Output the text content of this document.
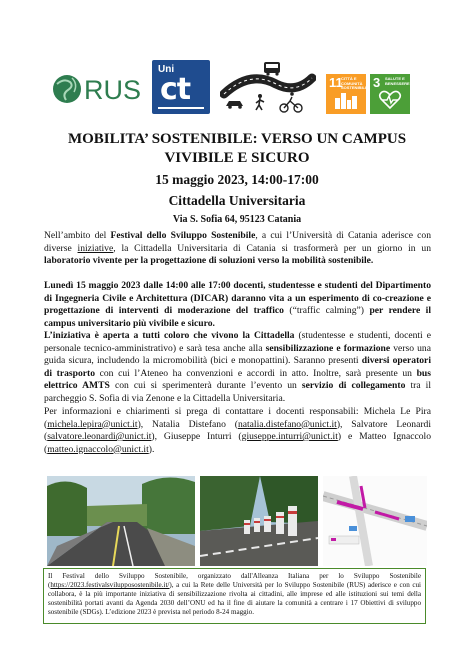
RUS
Uni
ct	11
CITTÀ E COMUNITÀ SOSTENIBILI 3 SALUTE E BENESSERE
MOBILITA’ SOSTENIBILE: VERSO UN CAMPUS
VIVIBILE E SICURO
15 maggio 2023, 14:00-17:00
Cittadella Universitaria
Via S. Sofia 64, 95123 Catania
Nell’ambito del Festival dello Sviluppo Sostenibile, a cui l’Università di Catania aderisce con diverse iniziative, la Cittadella Universitaria di Catania si trasformerà per un giorno in un laboratorio vivente per la progettazione di soluzioni verso la mobilità sostenibile.
Lunedì 15 maggio 2023 dalle 14:00 alle 17:00 docenti, studentesse e studenti del Dipartimento di Ingegneria Civile e Architettura (DICAR) daranno vita a un esperimento di co-creazione e progettazione di interventi di moderazione del traffico (“traffic calming”) per rendere il campus universitario più vivibile e sicuro.
L’iniziativa è aperta a tutti coloro che vivono la Cittadella (studentesse e studenti, docenti e personale tecnico-amministrativo) e sarà tesa anche alla sensibilizzazione e formazione verso una guida sicura, includendo la micromobilità (bici e monopattini). Saranno presenti diversi operatori di trasporto con cui l’Ateneo ha convenzioni e accordi in atto. Inoltre, sarà presente un bus elettrico AMTS con cui si sperimenterà durante l’evento un servizio di collegamento tra il parcheggio S. Sofia di via Zenone e la Cittadella Universitaria.
Per informazioni e chiarimenti si prega di contattare i docenti responsabili: Michela Le Pira (michela.lepira@unict.it), Natalia Distefano (natalia.distefano@unict.it), Salvatore Leonardi (salvatore.leonardi@unict.it), Giuseppe Inturri (giuseppe.inturri@unict.it) e Matteo Ignaccolo (matteo.ignaccolo@unict.it).
Il Festival dello Sviluppo Sostenibile, organizzato dall'Alleanza Italiana per lo Sviluppo Sostenibile (https://2023.festivalsvilupposostenibile.it/), a cui la Rete delle Università per lo Sviluppo Sostenibile (RUS) aderisce e con cui collabora, è la più importante iniziativa di sensibilizzazione rivolta ai cittadini, alle imprese ed alle istituzioni sui temi della sostenibilità portati avanti da Agenda 2030 dell’ONU ed ha il fine di aiutare la comunità a centrare i 17 Obiettivi di sviluppo sostenibile (SDGs). L’edizione 2023 è prevista nel periodo 8-24 maggio.
